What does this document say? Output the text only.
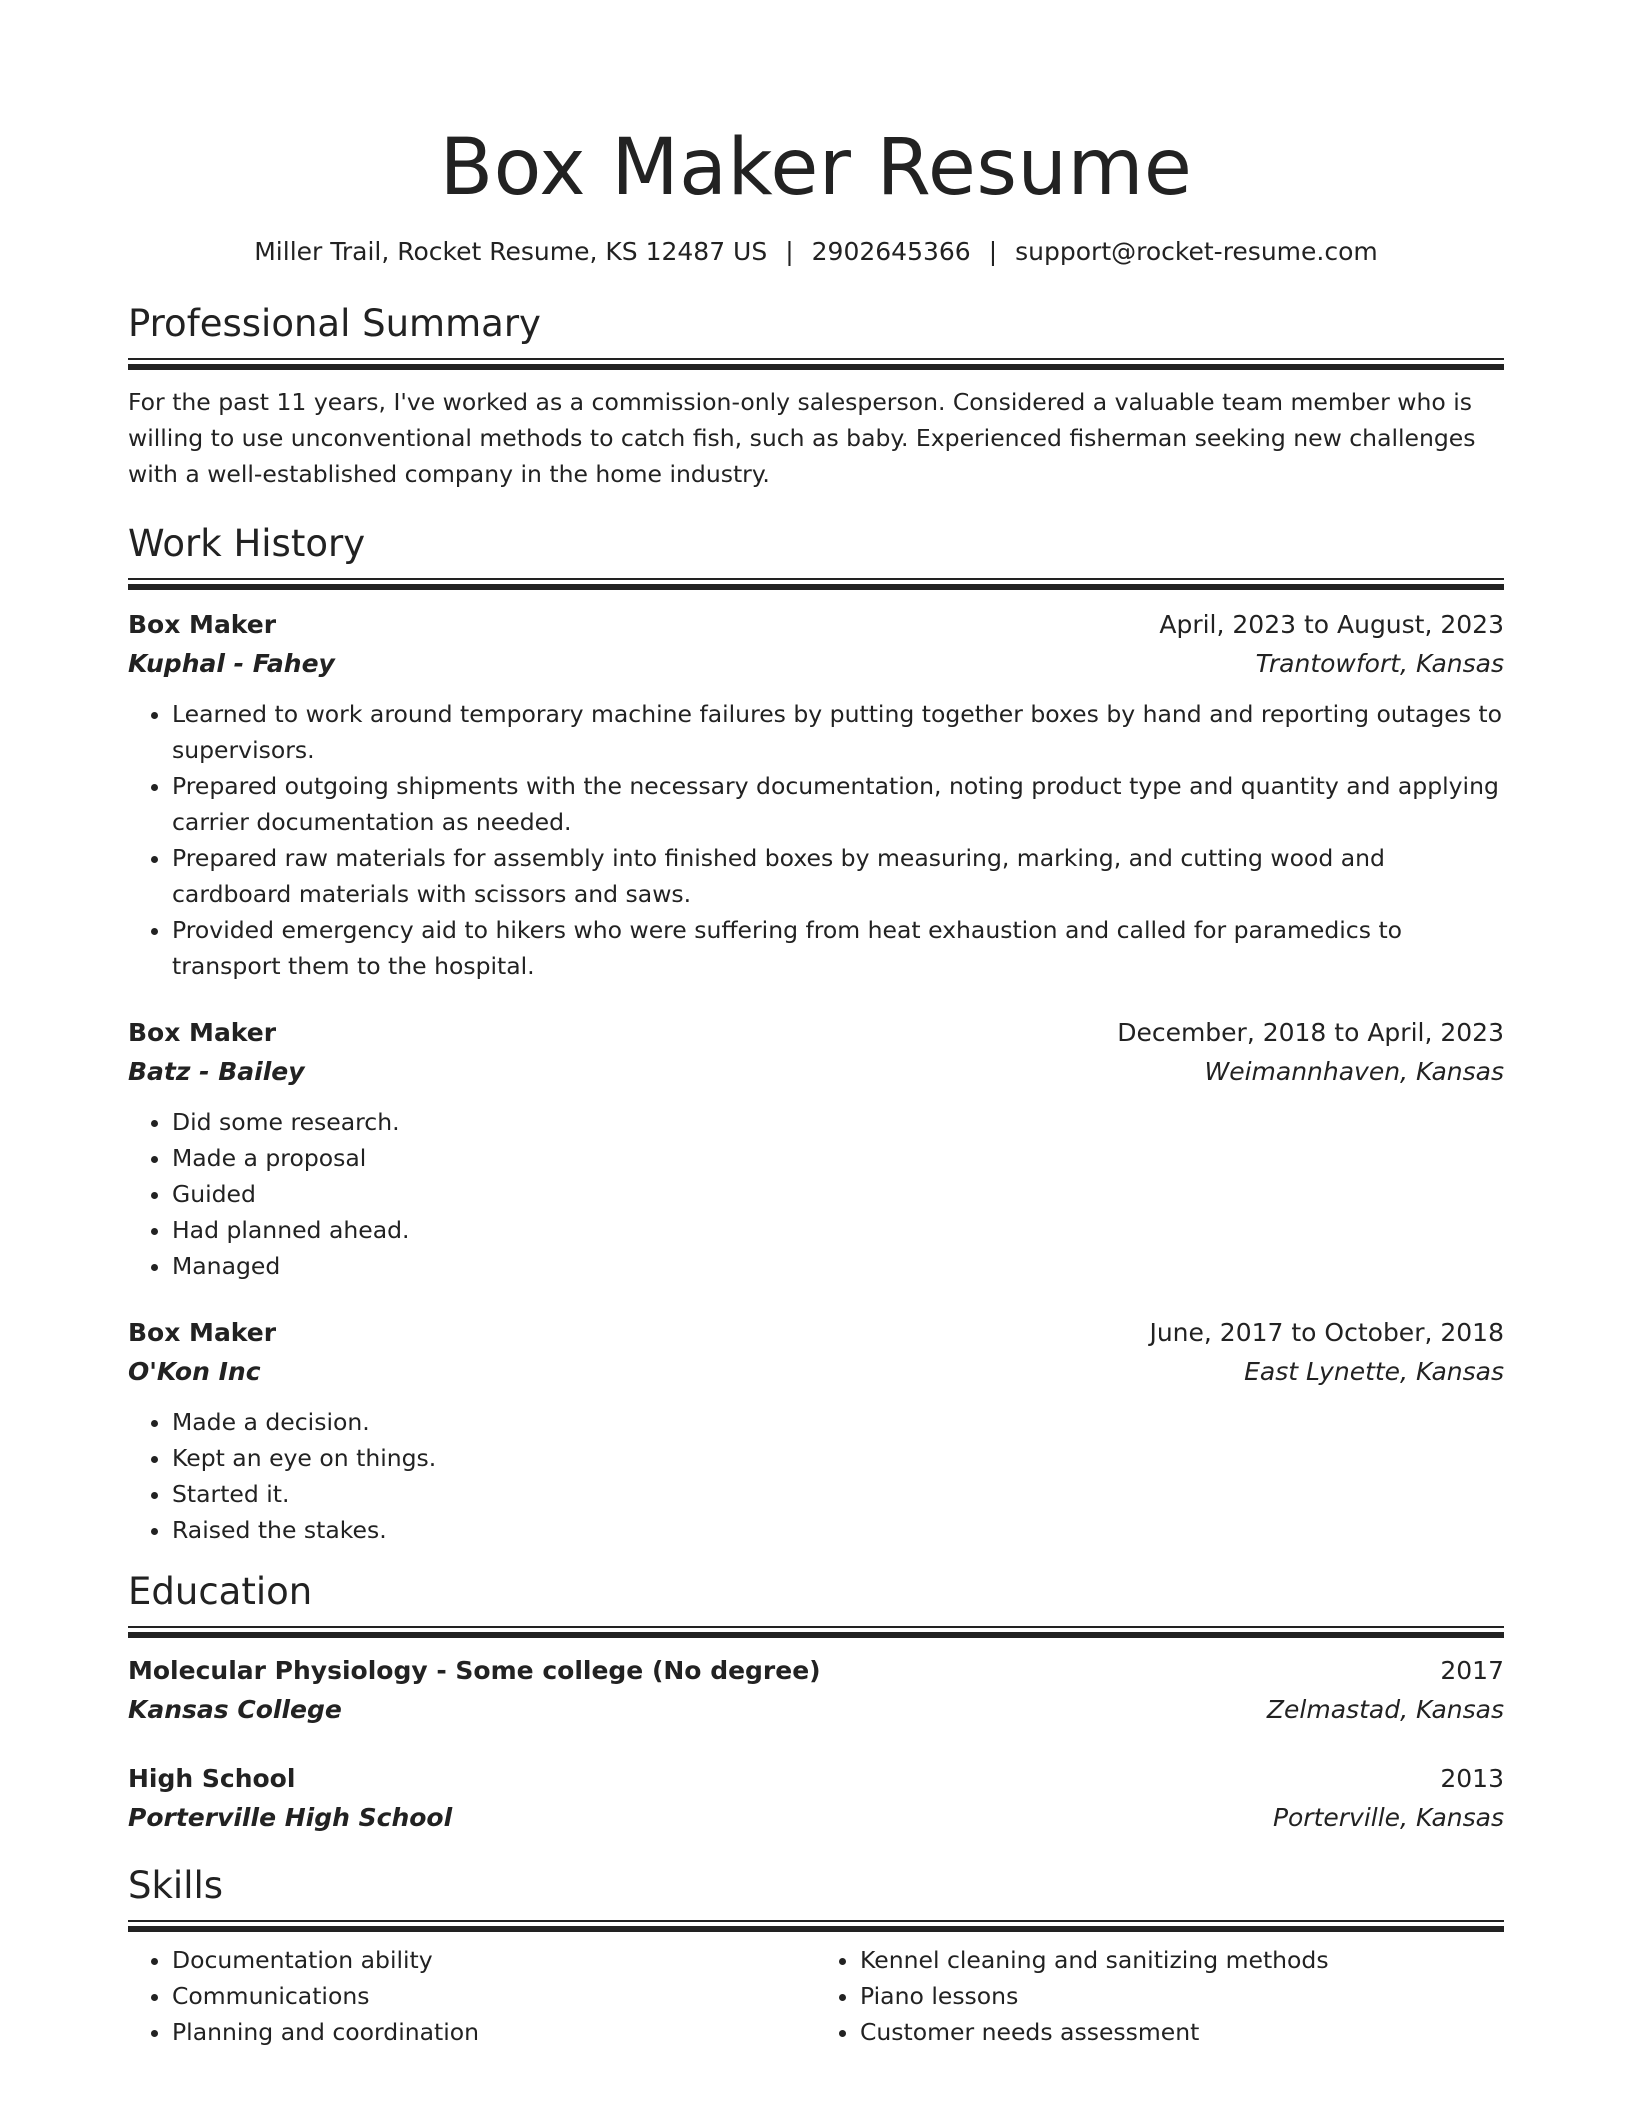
Box Maker Resume
Miller Trail, Rocket Resume, KS 12487 US | 2902645366 | support@rocket-resume.com
Professional Summary
For the past 11 years, I've worked as a commission-only salesperson. Considered a valuable team member who is willing to use unconventional methods to catch fish, such as baby. Experienced fisherman seeking new challenges with a well-established company in the home industry.
Work History
Box Maker	April, 2023 to August, 2023
Kuphal - Fahey	Trantowfort, Kansas
• Learned to work around temporary machine failures by putting together boxes by hand and reporting outages to supervisors.
• Prepared outgoing shipments with the necessary documentation, noting product type and quantity and applying carrier documentation as needed.
• Prepared raw materials for assembly into finished boxes by measuring, marking, and cutting wood and cardboard materials with scissors and saws.
• Provided emergency aid to hikers who were suffering from heat exhaustion and called for paramedics to transport them to the hospital.
Box Maker	December, 2018 to April, 2023
Batz - Bailey	Weimannhaven, Kansas
• Did some research.
• Made a proposal
• Guided
• Had planned ahead.
• Managed
Box Maker	June, 2017 to October, 2018
O'Kon Inc	East Lynette, Kansas
• Made a decision.
• Kept an eye on things.
• Started it.
• Raised the stakes.
Education
Molecular Physiology - Some college (No degree)	2017
Kansas College	Zelmastad, Kansas
High School	2013
Porterville High School	Porterville, Kansas
Skills
• Documentation ability
• Communications
• Planning and coordination
• Kennel cleaning and sanitizing methods
• Piano lessons
• Customer needs assessment
